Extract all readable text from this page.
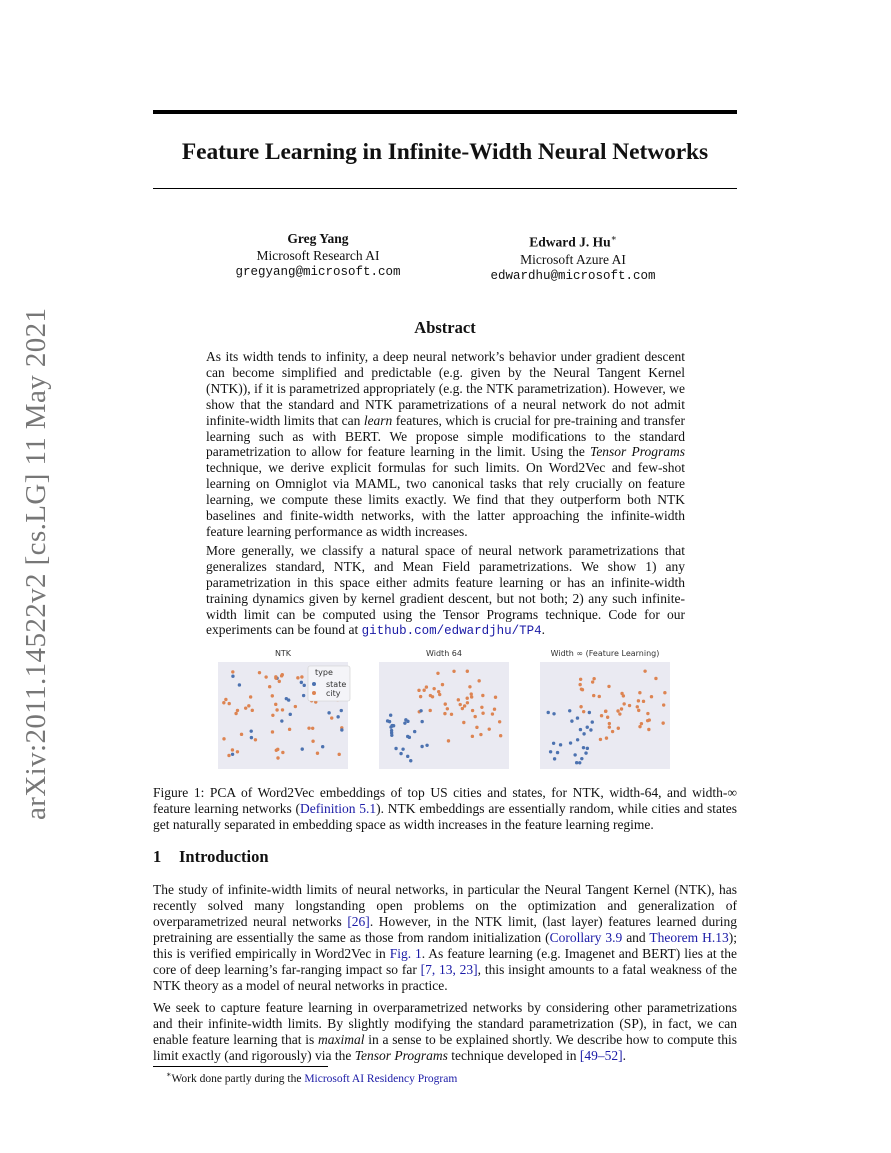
arXiv:2011.14522v2 [cs.LG] 11 May 2021
Feature Learning in Infinite-Width Neural Networks
Greg Yang
Microsoft Research AI
gregyang@microsoft.com
Edward J. Hu∗
Microsoft Azure AI
edwardhu@microsoft.com
Abstract

As its width tends to infinity, a deep neural network’s behavior under gradient descent can become simplified and predictable (e.g. given by the Neural Tangent Kernel (NTK)), if it is parametrized appropriately (e.g. the NTK parametrization). However, we show that the standard and NTK parametrizations of a neural network do not admit infinite-width limits that can learn features, which is crucial for pre-training and transfer learning such as with BERT. We propose simple modifications to the standard parametrization to allow for feature learning in the limit. Using the Tensor Programs technique, we derive explicit formulas for such limits. On Word2Vec and few-shot learning on Omniglot via MAML, two canonical tasks that rely crucially on feature learning, we compute these limits exactly. We find that they outperform both NTK baselines and finite-width networks, with the latter approaching the infinite-width feature learning performance as width increases.

More generally, we classify a natural space of neural network parametrizations that generalizes standard, NTK, and Mean Field parametrizations. We show 1) any parametrization in this space either admits feature learning or has an infinite-width training dynamics given by kernel gradient descent, but not both; 2) any such infinite-width limit can be computed using the Tensor Programs technique. Code for our experiments can be found at github.com/edwardjhu/TP4.

NTK	Width 64	Width ∞ (Feature Learning)
type
state
city
Figure 1: PCA of Word2Vec embeddings of top US cities and states, for NTK, width-64, and width-∞ feature learning networks (Definition 5.1). NTK embeddings are essentially random, while cities and states get naturally separated in embedding space as width increases in the feature learning regime.
1 Introduction

The study of infinite-width limits of neural networks, in particular the Neural Tangent Kernel (NTK), has recently solved many longstanding open problems on the optimization and generalization of overparametrized neural networks [26]. However, in the NTK limit, (last layer) features learned during pretraining are essentially the same as those from random initialization (Corollary 3.9 and Theorem H.13); this is verified empirically in Word2Vec in Fig. 1. As feature learning (e.g. Imagenet and BERT) lies at the core of deep learning’s far-ranging impact so far [7, 13, 23], this insight amounts to a fatal weakness of the NTK theory as a model of neural networks in practice.

We seek to capture feature learning in overparametrized networks by considering other parametrizations and their infinite-width limits. By slightly modifying the standard parametrization (SP), in fact, we can enable feature learning that is maximal in a sense to be explained shortly. We describe how to compute this limit exactly (and rigorously) via the Tensor Programs technique developed in [49–52].

∗Work done partly during the Microsoft AI Residency Program
